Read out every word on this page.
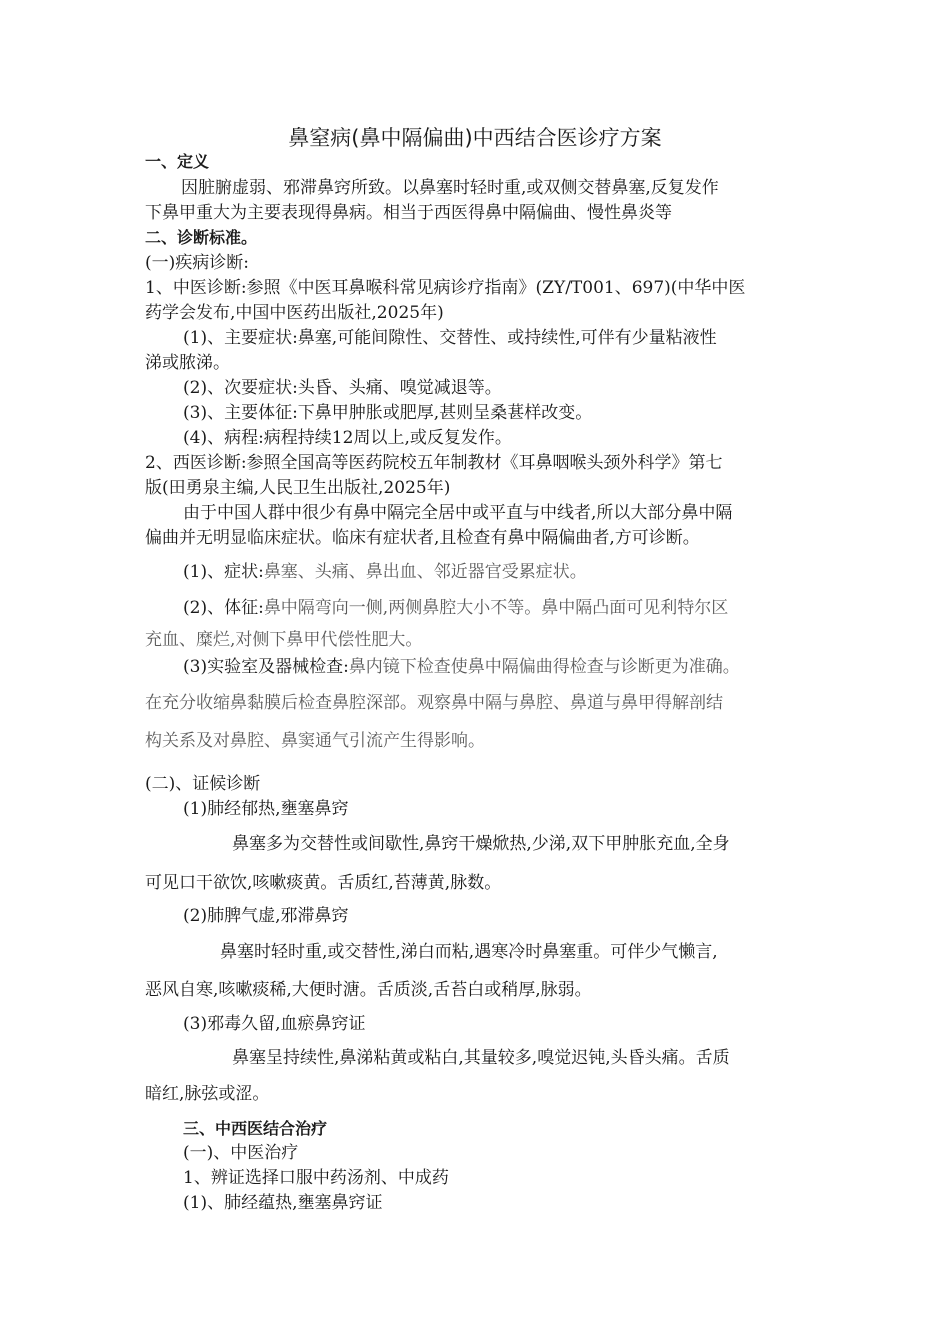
鼻窒病(鼻中隔偏曲)中西结合医诊疗方案
一、定义
因脏腑虚弱、邪滞鼻窍所致。以鼻塞时轻时重,或双侧交替鼻塞,反复发作
下鼻甲重大为主要表现得鼻病。相当于西医得鼻中隔偏曲、慢性鼻炎等
二、诊断标准。
(一)疾病诊断:
1、中医诊断:参照《中医耳鼻喉科常见病诊疗指南》(ZY/T001、697)(中华中医
药学会发布,中国中医药出版社,2025年)
(1)、主要症状:鼻塞,可能间隙性、交替性、或持续性,可伴有少量粘液性
涕或脓涕。
(2)、次要症状:头昏、头痛、嗅觉减退等。
(3)、主要体征:下鼻甲肿胀或肥厚,甚则呈桑葚样改变。
(4)、病程:病程持续12周以上,或反复发作。
2、西医诊断:参照全国高等医药院校五年制教材《耳鼻咽喉头颈外科学》第七
版(田勇泉主编,人民卫生出版社,2025年)
由于中国人群中很少有鼻中隔完全居中或平直与中线者,所以大部分鼻中隔
偏曲并无明显临床症状。临床有症状者,且检查有鼻中隔偏曲者,方可诊断。
(1)、症状:鼻塞、头痛、鼻出血、邻近器官受累症状。
(2)、体征:鼻中隔弯向一侧,两侧鼻腔大小不等。鼻中隔凸面可见利特尔区
充血、糜烂,对侧下鼻甲代偿性肥大。
(3)实验室及器械检查:鼻内镜下检查使鼻中隔偏曲得检查与诊断更为准确。
在充分收缩鼻黏膜后检查鼻腔深部。观察鼻中隔与鼻腔、鼻道与鼻甲得解剖结
构关系及对鼻腔、鼻窦通气引流产生得影响。
(二)、证候诊断
(1)肺经郁热,壅塞鼻窍
鼻塞多为交替性或间歇性,鼻窍干燥焮热,少涕,双下甲肿胀充血,全身
可见口干欲饮,咳嗽痰黄。舌质红,苔薄黄,脉数。
(2)肺脾气虚,邪滞鼻窍
鼻塞时轻时重,或交替性,涕白而粘,遇寒冷时鼻塞重。可伴少气懒言,
恶风自寒,咳嗽痰稀,大便时溏。舌质淡,舌苔白或稍厚,脉弱。
(3)邪毒久留,血瘀鼻窍证
鼻塞呈持续性,鼻涕粘黄或粘白,其量较多,嗅觉迟钝,头昏头痛。舌质
暗红,脉弦或涩。
三、中西医结合治疗
(一)、中医治疗
1、辨证选择口服中药汤剂、中成药
(1)、肺经蕴热,壅塞鼻窍证
